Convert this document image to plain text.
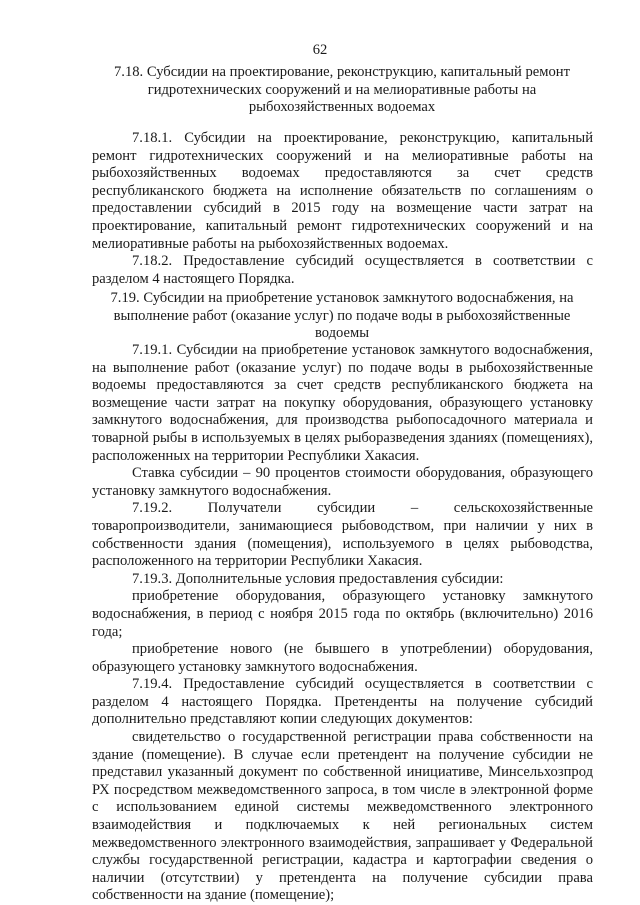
62
7.18. Субсидии на проектирование, реконструкцию, капитальный ремонт гидротехнических сооружений и на мелиоративные работы на рыбохозяйственных водоемах

7.18.1. Субсидии на проектирование, реконструкцию, капитальный ремонт гидротехнических сооружений и на мелиоративные работы на рыбохозяйственных водоемах предоставляются за счет средств республиканского бюджета на исполнение обязательств по соглашениям о предоставлении субсидий в 2015 году на возмещение части затрат на проектирование, капитальный ремонт гидротехнических сооружений и на мелиоративные работы на рыбохозяйственных водоемах.

7.18.2. Предоставление субсидий осуществляется в соответствии с разделом 4 настоящего Порядка.

7.19. Субсидии на приобретение установок замкнутого водоснабжения, на выполнение работ (оказание услуг) по подаче воды в рыбохозяйственные водоемы

7.19.1. Субсидии на приобретение установок замкнутого водоснабжения, на выполнение работ (оказание услуг) по подаче воды в рыбохозяйственные водоемы предоставляются за счет средств республиканского бюджета на возмещение части затрат на покупку оборудования, образующего установку замкнутого водоснабжения, для производства рыбопосадочного материала и товарной рыбы в используемых в целях рыборазведения зданиях (помещениях), расположенных на территории Республики Хакасия.

Ставка субсидии – 90 процентов стоимости оборудования, образующего установку замкнутого водоснабжения.

7.19.2. Получатели субсидии – сельскохозяйственные товаропроизводители, занимающиеся рыбоводством, при наличии у них в собственности здания (помещения), используемого в целях рыбоводства, расположенного на территории Республики Хакасия.

7.19.3. Дополнительные условия предоставления субсидии:

приобретение оборудования, образующего установку замкнутого водоснабжения, в период с ноября 2015 года по октябрь (включительно) 2016 года;

приобретение нового (не бывшего в употреблении) оборудования, образующего установку замкнутого водоснабжения.

7.19.4. Предоставление субсидий осуществляется в соответствии с разделом 4 настоящего Порядка. Претенденты на получение субсидий дополнительно представляют копии следующих документов:

свидетельство о государственной регистрации права собственности на здание (помещение). В случае если претендент на получение субсидии не представил указанный документ по собственной инициативе, Минсельхозпрод РХ посредством межведомственного запроса, в том числе в электронной форме с использованием единой системы межведомственного электронного взаимодействия и подключаемых к ней региональных систем межведомственного электронного взаимодействия, запрашивает у Федеральной службы государственной регистрации, кадастра и картографии сведения о наличии (отсутствии) у претендента на получение субсидии права собственности на здание (помещение);
